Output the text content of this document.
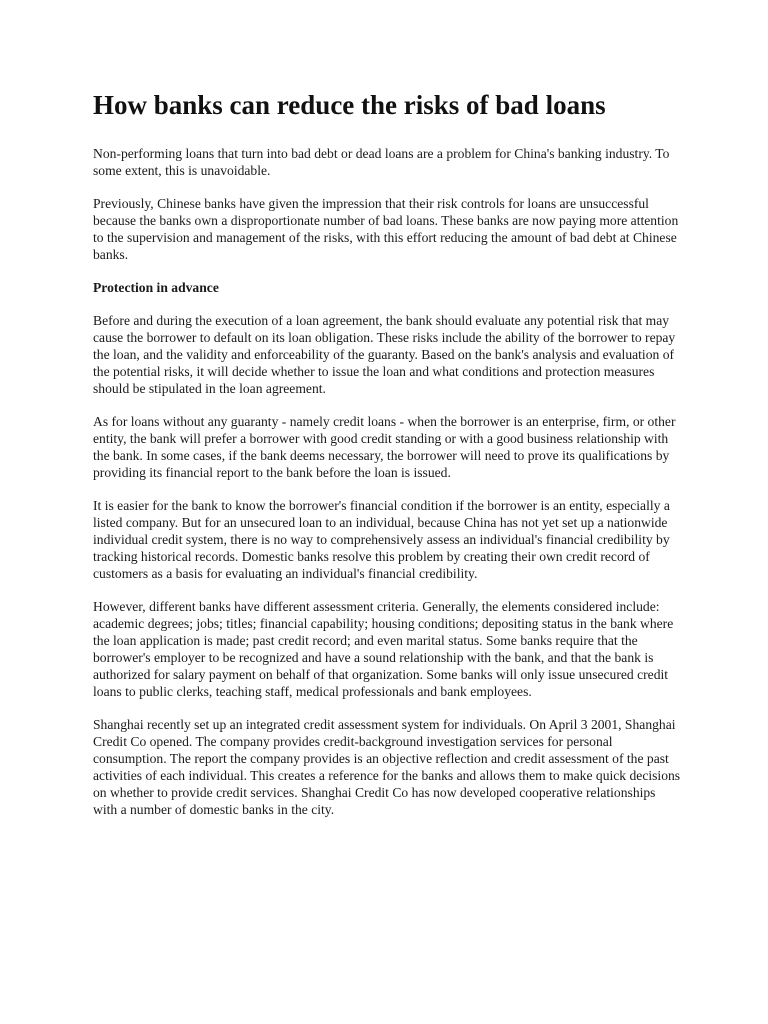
How banks can reduce the risks of bad loans

Non-performing loans that turn into bad debt or dead loans are a problem for China's banking industry. To some extent, this is unavoidable.

Previously, Chinese banks have given the impression that their risk controls for loans are unsuccessful because the banks own a disproportionate number of bad loans. These banks are now paying more attention to the supervision and management of the risks, with this effort reducing the amount of bad debt at Chinese banks.

Protection in advance

Before and during the execution of a loan agreement, the bank should evaluate any potential risk that may cause the borrower to default on its loan obligation. These risks include the ability of the borrower to repay the loan, and the validity and enforceability of the guaranty. Based on the bank's analysis and evaluation of the potential risks, it will decide whether to issue the loan and what conditions and protection measures should be stipulated in the loan agreement.

As for loans without any guaranty - namely credit loans - when the borrower is an enterprise, firm, or other entity, the bank will prefer a borrower with good credit standing or with a good business relationship with the bank. In some cases, if the bank deems necessary, the borrower will need to prove its qualifications by providing its financial report to the bank before the loan is issued.

It is easier for the bank to know the borrower's financial condition if the borrower is an entity, especially a listed company. But for an unsecured loan to an individual, because China has not yet set up a nationwide individual credit system, there is no way to comprehensively assess an individual's financial credibility by tracking historical records. Domestic banks resolve this problem by creating their own credit record of customers as a basis for evaluating an individual's financial credibility.

However, different banks have different assessment criteria. Generally, the elements considered include: academic degrees; jobs; titles; financial capability; housing conditions; depositing status in the bank where the loan application is made; past credit record; and even marital status. Some banks require that the borrower's employer to be recognized and have a sound relationship with the bank, and that the bank is authorized for salary payment on behalf of that organization. Some banks will only issue unsecured credit loans to public clerks, teaching staff, medical professionals and bank employees.

Shanghai recently set up an integrated credit assessment system for individuals. On April 3 2001, Shanghai Credit Co opened. The company provides credit-background investigation services for personal consumption. The report the company provides is an objective reflection and credit assessment of the past activities of each individual. This creates a reference for the banks and allows them to make quick decisions on whether to provide credit services. Shanghai Credit Co has now developed cooperative relationships with a number of domestic banks in the city.
